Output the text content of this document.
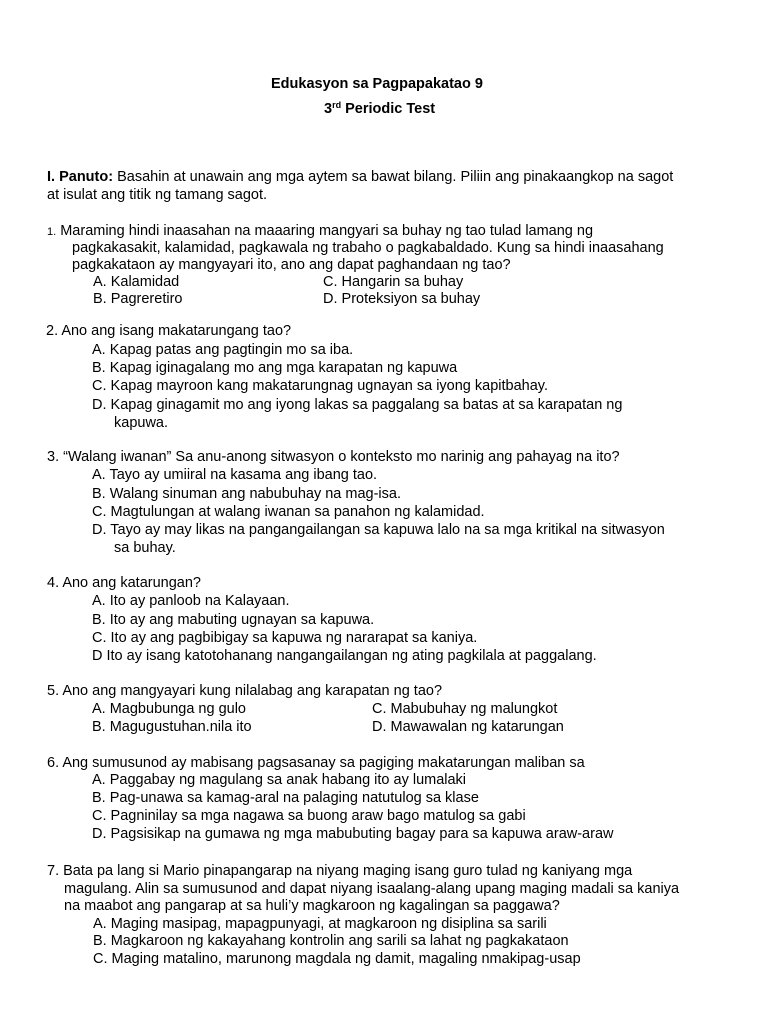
Edukasyon sa Pagpapakatao 9
3rd Periodic Test
I. Panuto: Basahin at unawain ang mga aytem sa bawat bilang. Piliin ang pinakaangkop na sagot
at isulat ang titik ng tamang sagot.
1. Maraming hindi inaasahan na maaaring mangyari sa buhay ng tao tulad lamang ng
pagkakasakit, kalamidad, pagkawala ng trabaho o pagkabaldado. Kung sa hindi inaasahang
pagkakataon ay mangyayari ito, ano ang dapat paghandaan ng tao?
A. Kalamidad	C. Hangarin sa buhay
B. Pagreretiro	D. Proteksiyon sa buhay
2. Ano ang isang makatarungang tao?
A. Kapag patas ang pagtingin mo sa iba.
B. Kapag iginagalang mo ang mga karapatan ng kapuwa
C. Kapag mayroon kang makatarungnag ugnayan sa iyong kapitbahay.
D. Kapag ginagamit mo ang iyong lakas sa paggalang sa batas at sa karapatan ng
kapuwa.
3. “Walang iwanan” Sa anu-anong sitwasyon o konteksto mo narinig ang pahayag na ito?
A. Tayo ay umiiral na kasama ang ibang tao.
B. Walang sinuman ang nabubuhay na mag-isa.
C. Magtulungan at walang iwanan sa panahon ng kalamidad.
D. Tayo ay may likas na pangangailangan sa kapuwa lalo na sa mga kritikal na sitwasyon
sa buhay.
4. Ano ang katarungan?
A. Ito ay panloob na Kalayaan.
B. Ito ay ang mabuting ugnayan sa kapuwa.
C. Ito ay ang pagbibigay sa kapuwa ng nararapat sa kaniya.
D Ito ay isang katotohanang nangangailangan ng ating pagkilala at paggalang.
5. Ano ang mangyayari kung nilalabag ang karapatan ng tao?
A. Magbubunga ng gulo	C. Mabubuhay ng malungkot
B. Magugustuhan.nila ito	D. Mawawalan ng katarungan
6. Ang sumusunod ay mabisang pagsasanay sa pagiging makatarungan maliban sa
A. Paggabay ng magulang sa anak habang ito ay lumalaki
B. Pag-unawa sa kamag-aral na palaging natutulog sa klase
C. Pagninilay sa mga nagawa sa buong araw bago matulog sa gabi
D. Pagsisikap na gumawa ng mga mabubuting bagay para sa kapuwa araw-araw
7. Bata pa lang si Mario pinapangarap na niyang maging isang guro tulad ng kaniyang mga
magulang. Alin sa sumusunod and dapat niyang isaalang-alang upang maging madali sa kaniya
na maabot ang pangarap at sa huli’y magkaroon ng kagalingan sa paggawa?
A. Maging masipag, mapagpunyagi, at magkaroon ng disiplina sa sarili
B. Magkaroon ng kakayahang kontrolin ang sarili sa lahat ng pagkakataon
C. Maging matalino, marunong magdala ng damit, magaling nmakipag-usap
